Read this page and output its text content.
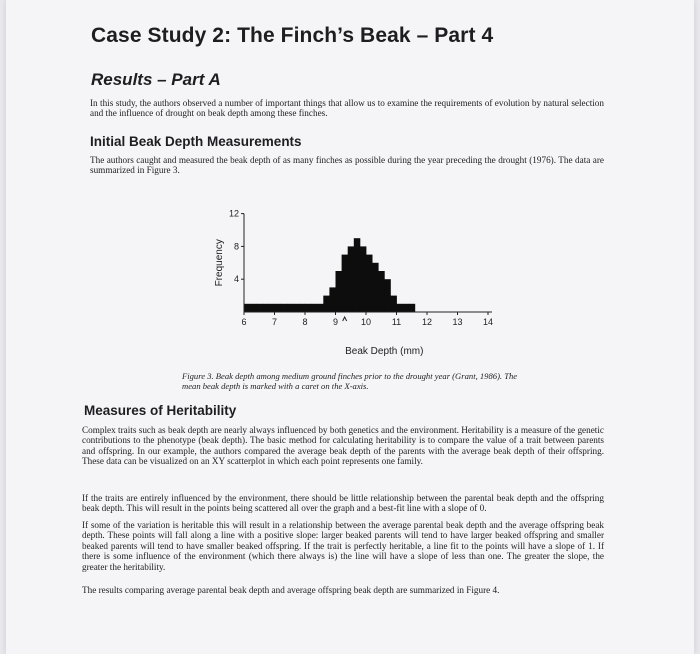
Case Study 2: The Finch’s Beak – Part 4
Results – Part A
In this study, the authors observed a number of important things that allow us to examine the requirements of evolution by natural selection and the influence of drought on beak depth among these finches.
Initial Beak Depth Measurements
The authors caught and measured the beak depth of as many finches as possible during the year preceding the drought (1976). The data are summarized in Figure 3.
4
8
12
6	7	8	9	10 11 12 13 14
Beak Depth (mm)
Frequency
Figure 3. Beak depth among medium ground finches prior to the drought year (Grant, 1986). The mean beak depth is marked with a caret on the X-axis.
Measures of Heritability
Complex traits such as beak depth are nearly always influenced by both genetics and the environment. Heritability is a measure of the genetic contributions to the phenotype (beak depth). The basic method for calculating heritability is to compare the value of a trait between parents and offspring. In our example, the authors compared the average beak depth of the parents with the average beak depth of their offspring. These data can be visualized on an XY scatterplot in which each point represents one family.
If the traits are entirely influenced by the environment, there should be little relationship between the parental beak depth and the offspring beak depth. This will result in the points being scattered all over the graph and a best-fit line with a slope of 0.
If some of the variation is heritable this will result in a relationship between the average parental beak depth and the average offspring beak depth. These points will fall along a line with a positive slope: larger beaked parents will tend to have larger beaked offspring and smaller beaked parents will tend to have smaller beaked offspring. If the trait is perfectly heritable, a line fit to the points will have a slope of 1. If there is some influence of the environment (which there always is) the line will have a slope of less than one. The greater the slope, the greater the heritability.
The results comparing average parental beak depth and average offspring beak depth are summarized in Figure 4.
